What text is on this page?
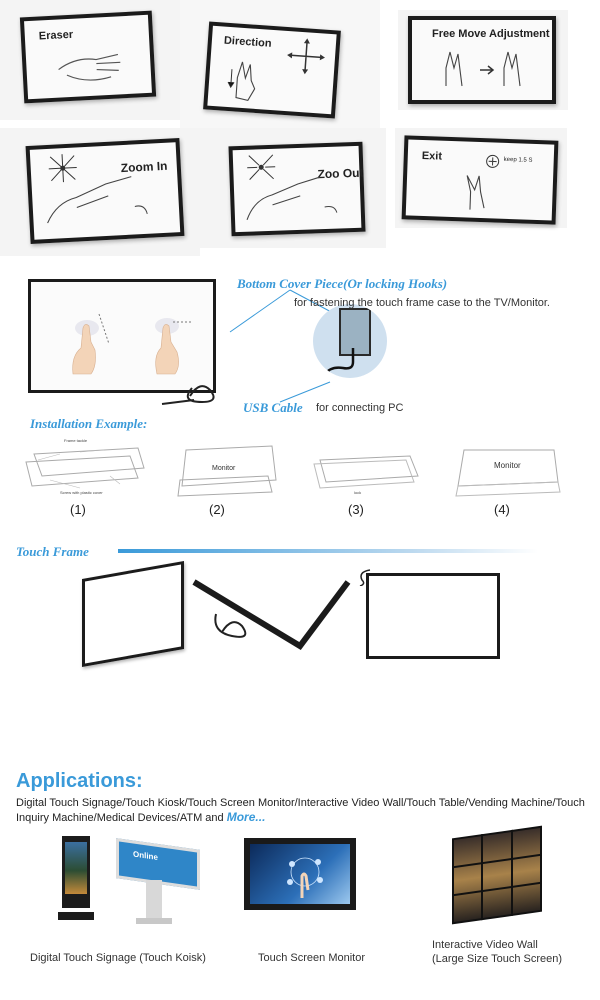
Eraser	Direction
Free Move Adjustment
Zoom In	Zoo Out
Exit	keep 1.5 S
Bottom Cover Piece(Or locking Hooks)
for fastening the touch frame case to the TV/Monitor.
USB Cable for connecting PC
Installation Example:
Frame tackle
Screw with plastic cover
Monitor
lock
Monitor
(1)	(2)	(3)	(4)
Touch Frame
Applications:
Digital Touch Signage/Touch Kiosk/Touch Screen Monitor/Interactive Video Wall/Touch Table/Vending Machine/Touch Inquiry Machine/Medical Devices/ATM and More...
Online
Digital Touch Signage (Touch Koisk)	Touch Screen Monitor
Interactive Video Wall
(Large Size Touch Screen)
